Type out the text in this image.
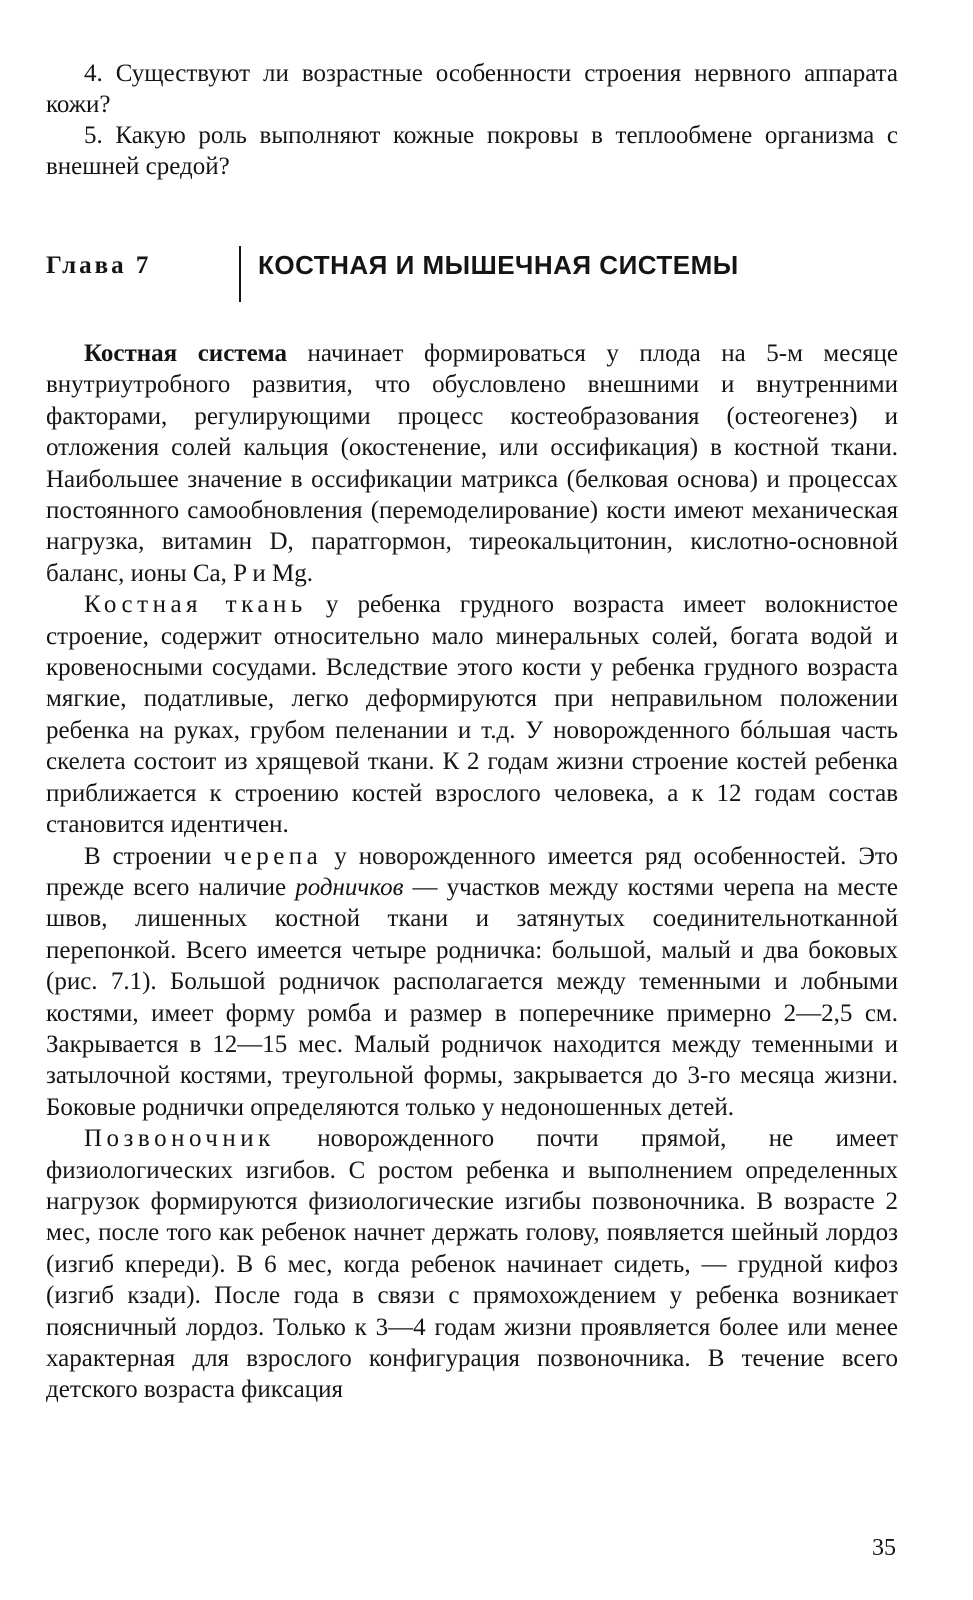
4. Существуют ли возрастные особенности строения нервного аппарата кожи?

5. Какую роль выполняют кожные покровы в теплообмене организма с внешней средой?

Глава 7	КОСТНАЯ И МЫШЕЧНАЯ СИСТЕМЫ

Костная система начинает формироваться у плода на 5-м месяце внутриутробного развития, что обусловлено внешними и внутренними факторами, регулирующими процесс костеобразования (остеогенез) и отложения солей кальция (окостенение, или оссификация) в костной ткани. Наибольшее значение в оссификации матрикса (белковая основа) и процессах постоянного самообновления (перемоделирование) кости имеют механическая нагрузка, витамин D, паратгормон, тиреокальцитонин, кислотно-основной баланс, ионы Ca, P и Mg.

Костная ткань у ребенка грудного возраста имеет волокнистое строение, содержит относительно мало минеральных солей, богата водой и кровеносными сосудами. Вследствие этого кости у ребенка грудного возраста мягкие, податливые, легко деформируются при неправильном положении ребенка на руках, грубом пеленании и т.д. У новорожденного бóльшая часть скелета состоит из хрящевой ткани. К 2 годам жизни строение костей ребенка приближается к строению костей взрослого человека, а к 12 годам состав становится идентичен.

В строении черепа у новорожденного имеется ряд особенностей. Это прежде всего наличие родничков — участков между костями черепа на месте швов, лишенных костной ткани и затянутых соединительнотканной перепонкой. Всего имеется четыре родничка: большой, малый и два боковых (рис. 7.1). Большой родничок располагается между теменными и лобными костями, имеет форму ромба и размер в поперечнике примерно 2—2,5 см. Закрывается в 12—15 мес. Малый родничок находится между теменными и затылочной костями, треугольной формы, закрывается до 3-го месяца жизни. Боковые роднички определяются только у недоношенных детей.

Позвоночник новорожденного почти прямой, не имеет физиологических изгибов. С ростом ребенка и выполнением определенных нагрузок формируются физиологические изгибы позвоночника. В возрасте 2 мес, после того как ребенок начнет держать голову, появляется шейный лордоз (изгиб кпереди). В 6 мес, когда ребенок начинает сидеть, — грудной кифоз (изгиб кзади). После года в связи с прямохождением у ребенка возникает поясничный лордоз. Только к 3—4 годам жизни проявляется более или менее характерная для взрослого конфигурация позвоночника. В течение всего детского возраста фиксация

35
